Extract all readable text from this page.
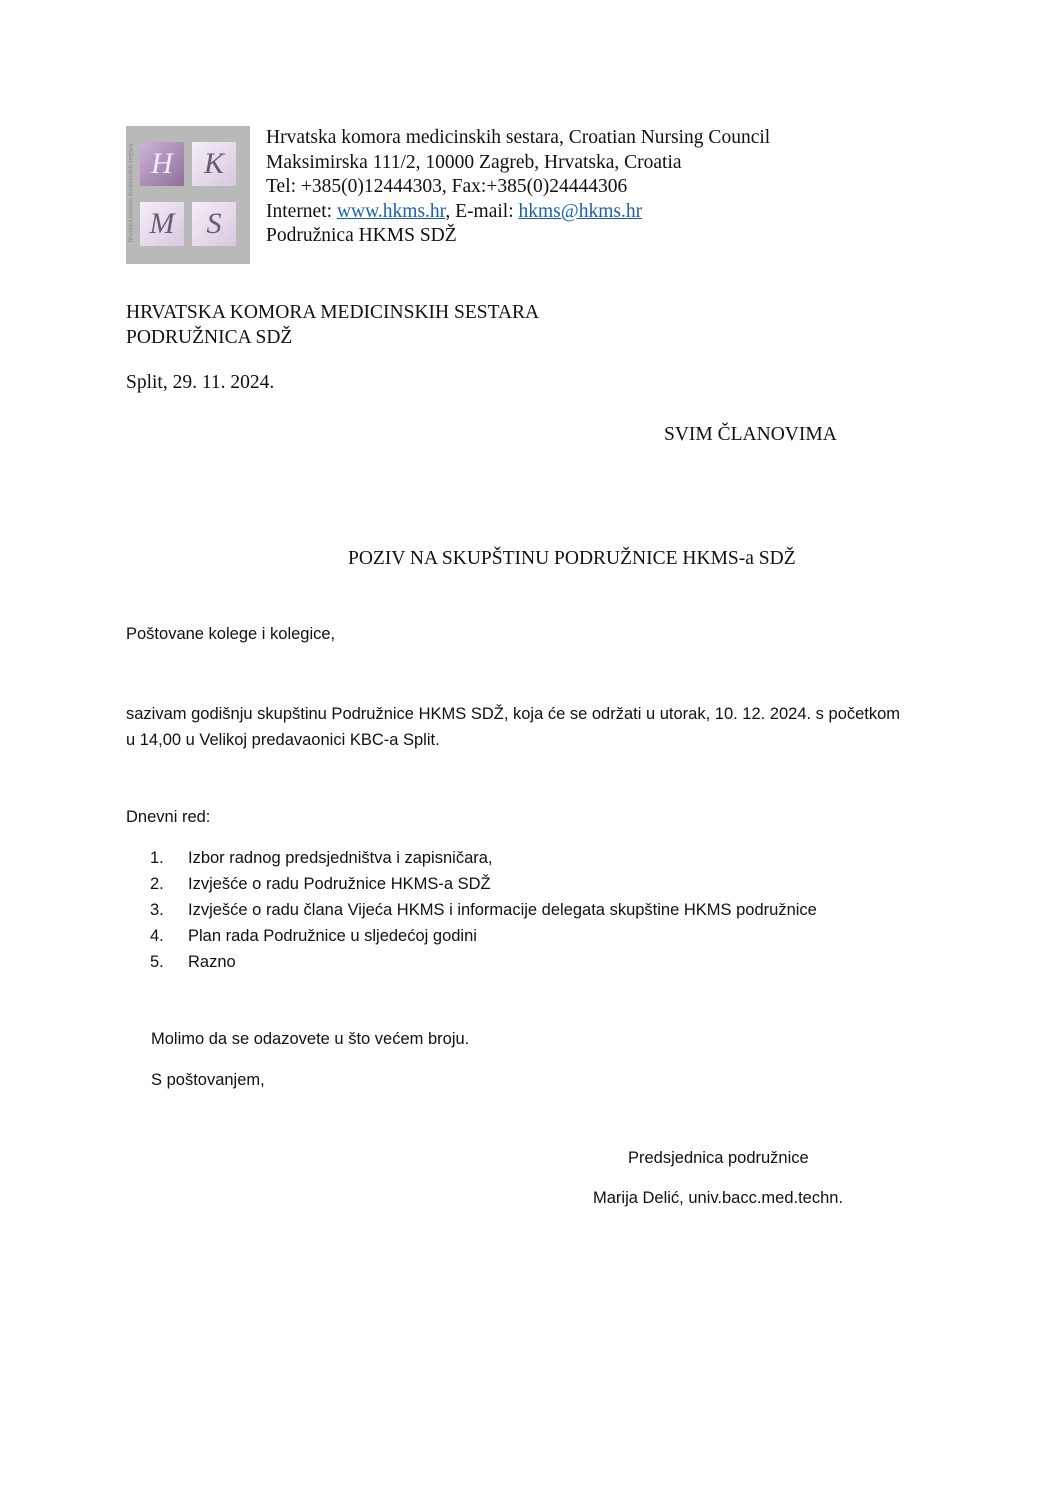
H	K
M	S
hrvatska komora medicinskih sestara
Hrvatska komora medicinskih sestara, Croatian Nursing Council
Maksimirska 111/2, 10000 Zagreb, Hrvatska, Croatia
Tel: +385(0)12444303, Fax:+385(0)24444306
Internet: www.hkms.hr, E-mail: hkms@hkms.hr
Podružnica HKMS SDŽ
HRVATSKA KOMORA MEDICINSKIH SESTARA
PODRUŽNICA SDŽ
Split, 29. 11. 2024.
SVIM ČLANOVIMA
POZIV NA SKUPŠTINU PODRUŽNICE HKMS-a SDŽ
Poštovane kolege i kolegice,
sazivam godišnju skupštinu Podružnice HKMS SDŽ, koja će se održati u utorak, 10. 12. 2024. s početkom
u 14,00 u Velikoj predavaonici KBC-a Split.
Dnevni red:
1.	Izbor radnog predsjedništva i zapisničara,
2.	Izvješće o radu Podružnice HKMS-a SDŽ
3.	Izvješće o radu člana Vijeća HKMS i informacije delegata skupštine HKMS podružnice
4.	Plan rada Podružnice u sljedećoj godini
5.	Razno
Molimo da se odazovete u što većem broju.
S poštovanjem,
Predsjednica podružnice
Marija Delić, univ.bacc.med.techn.
